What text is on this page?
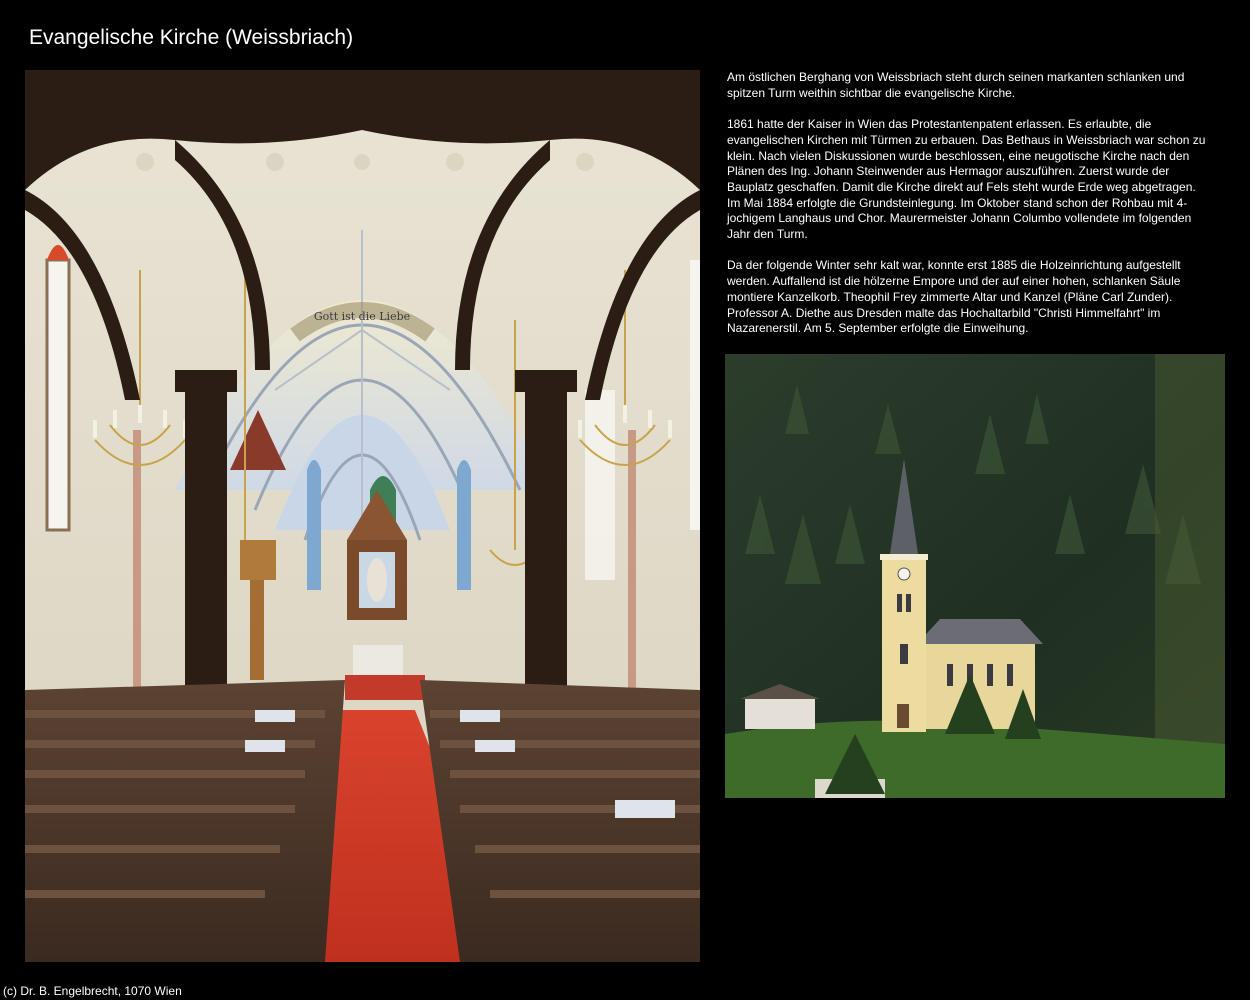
Evangelische Kirche (Weissbriach)
Gott ist die Liebe

Am östlichen Berghang von Weissbriach steht durch seinen markanten schlanken und spitzen Turm weithin sichtbar die evangelische Kirche.

1861 hatte der Kaiser in Wien das Protestantenpatent erlassen. Es erlaubte, die evangelischen Kirchen mit Türmen zu erbauen. Das Bethaus in Weissbriach war schon zu klein. Nach vielen Diskussionen wurde beschlossen, eine neugotische Kirche nach den Plänen des Ing. Johann Steinwender aus Hermagor auszuführen. Zuerst wurde der Bauplatz geschaffen. Damit die Kirche direkt auf Fels steht wurde Erde weg abgetragen. Im Mai 1884 erfolgte die Grundsteinlegung. Im Oktober stand schon der Rohbau mit 4-jochigem Langhaus und Chor. Maurermeister Johann Columbo vollendete im folgenden Jahr den Turm.

Da der folgende Winter sehr kalt war, konnte erst 1885 die Holzeinrichtung aufgestellt werden. Auffallend ist die hölzerne Empore und der auf einer hohen, schlanken Säule montiere Kanzelkorb. Theophil Frey zimmerte Altar und Kanzel (Pläne Carl Zunder). Professor A. Diethe aus Dresden malte das Hochaltarbild "Christi Himmelfahrt" im Nazarenerstil. Am 5. September erfolgte die Einweihung.

(c) Dr. B. Engelbrecht, 1070 Wien
